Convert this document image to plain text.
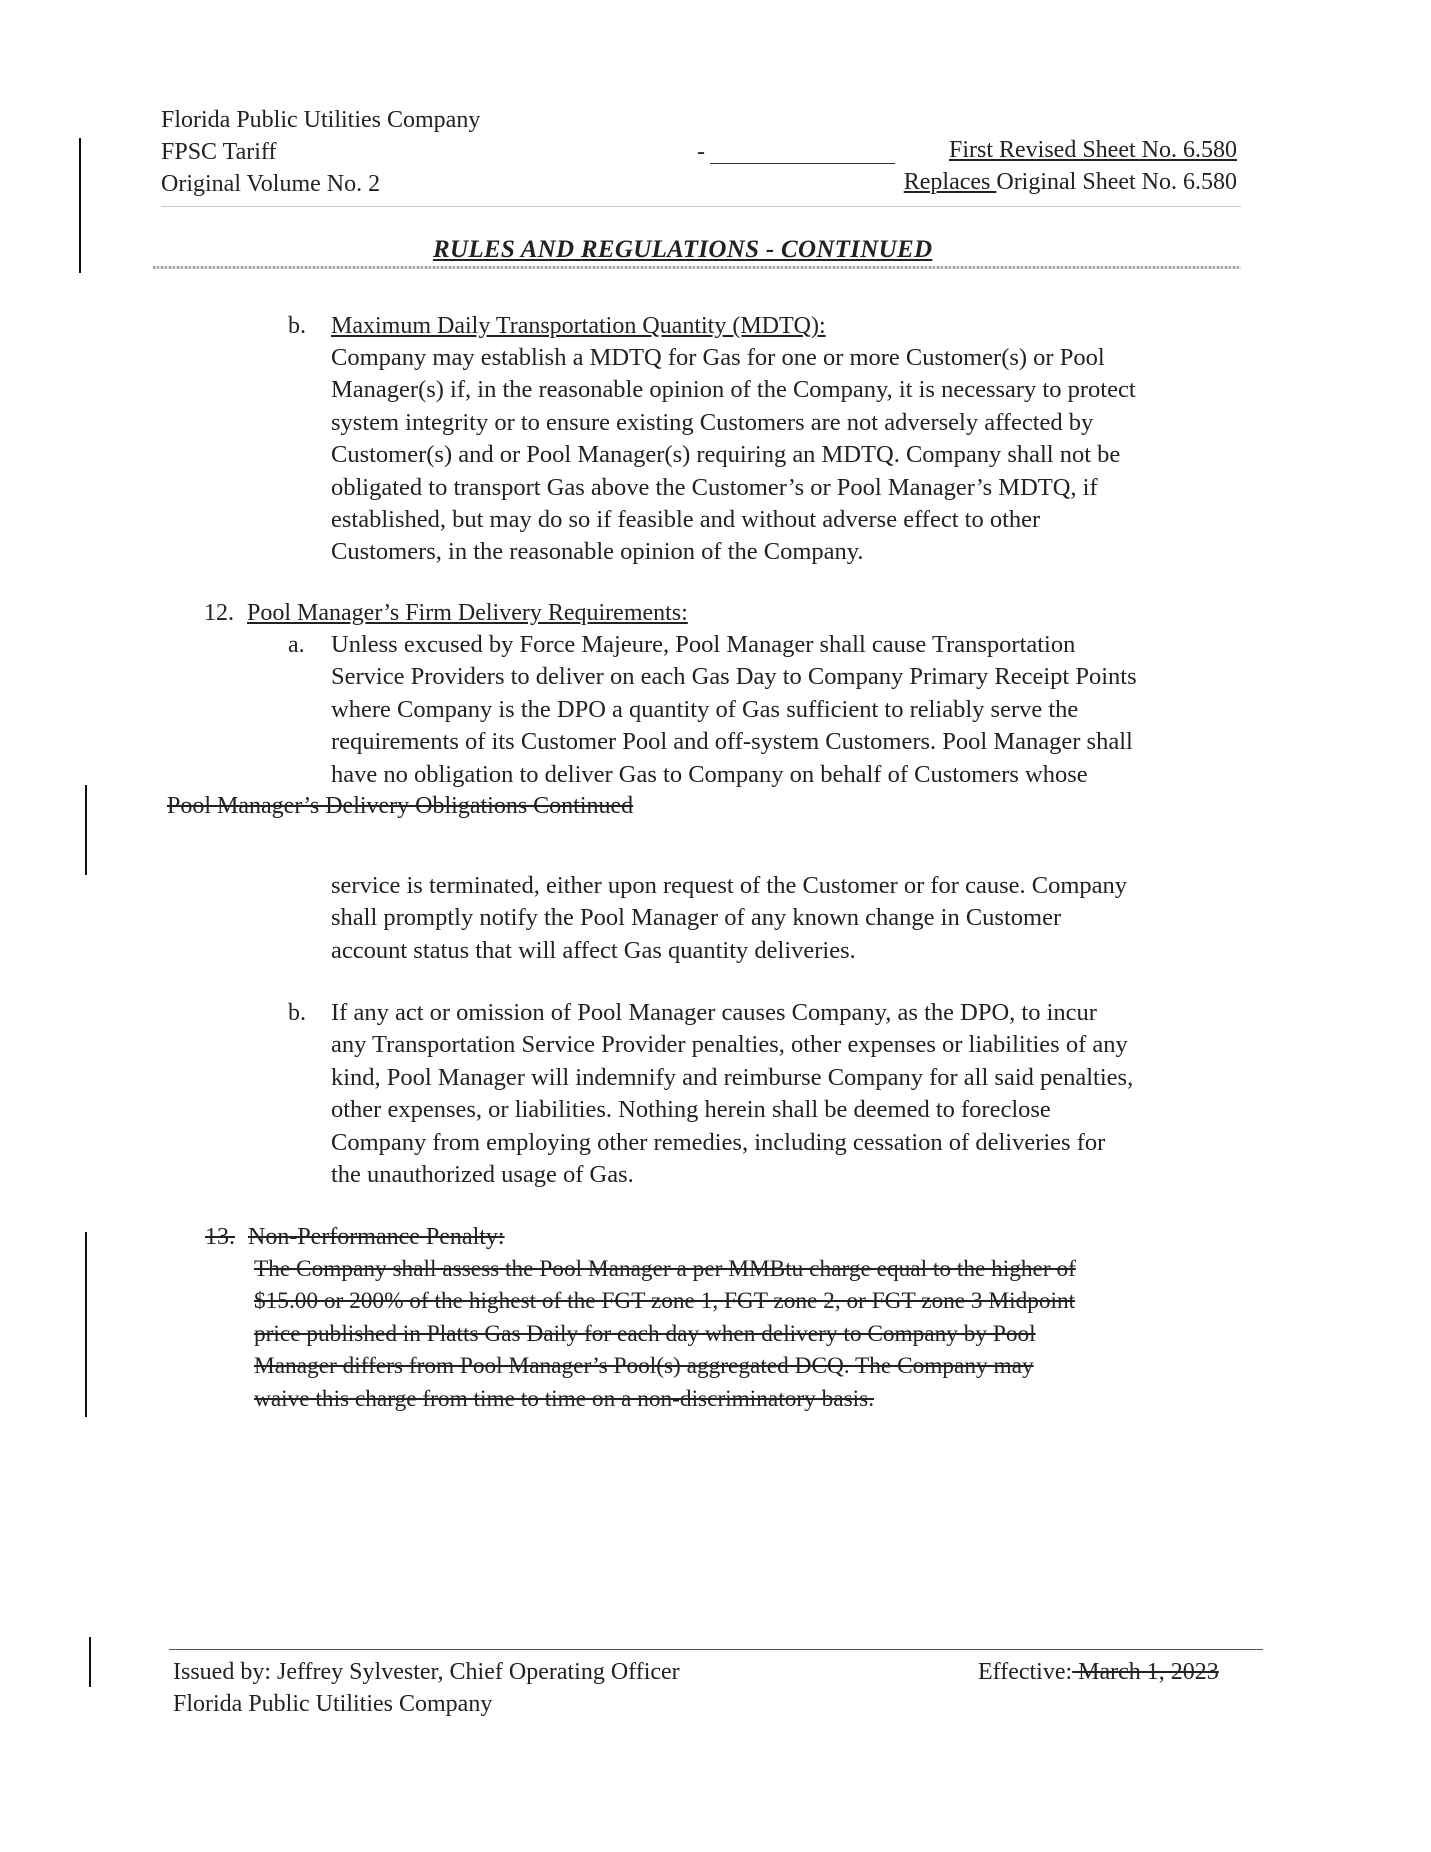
Florida Public Utilities Company
FPSC Tariff
Original Volume No. 2
-	First Revised Sheet No. 6.580
Replaces Original Sheet No. 6.580
RULES AND REGULATIONS - CONTINUED
b. Maximum Daily Transportation Quantity (MDTQ):
Company may establish a MDTQ for Gas for one or more Customer(s) or Pool
Manager(s) if, in the reasonable opinion of the Company, it is necessary to protect
system integrity or to ensure existing Customers are not adversely affected by
Customer(s) and or Pool Manager(s) requiring an MDTQ. Company shall not be
obligated to transport Gas above the Customer’s or Pool Manager’s MDTQ, if
established, but may do so if feasible and without adverse effect to other
Customers, in the reasonable opinion of the Company.
12. Pool Manager’s Firm Delivery Requirements:
a. Unless excused by Force Majeure, Pool Manager shall cause Transportation
Service Providers to deliver on each Gas Day to Company Primary Receipt Points
where Company is the DPO a quantity of Gas sufficient to reliably serve the
requirements of its Customer Pool and off-system Customers. Pool Manager shall
have no obligation to deliver Gas to Company on behalf of Customers whose
Pool Manager’s Delivery Obligations Continued
service is terminated, either upon request of the Customer or for cause. Company
shall promptly notify the Pool Manager of any known change in Customer
account status that will affect Gas quantity deliveries.
b. If any act or omission of Pool Manager causes Company, as the DPO, to incur
any Transportation Service Provider penalties, other expenses or liabilities of any
kind, Pool Manager will indemnify and reimburse Company for all said penalties,
other expenses, or liabilities. Nothing herein shall be deemed to foreclose
Company from employing other remedies, including cessation of deliveries for
the unauthorized usage of Gas.
13. Non-Performance Penalty:
The Company shall assess the Pool Manager a per MMBtu charge equal to the higher of
$15.00 or 200% of the highest of the FGT zone 1, FGT zone 2, or FGT zone 3 Midpoint
price published in Platts Gas Daily for each day when delivery to Company by Pool
Manager differs from Pool Manager’s Pool(s) aggregated DCQ. The Company may
waive this charge from time to time on a non-discriminatory basis.
Issued by: Jeffrey Sylvester, Chief Operating Officer
Florida Public Utilities Company
Effective: March 1, 2023
